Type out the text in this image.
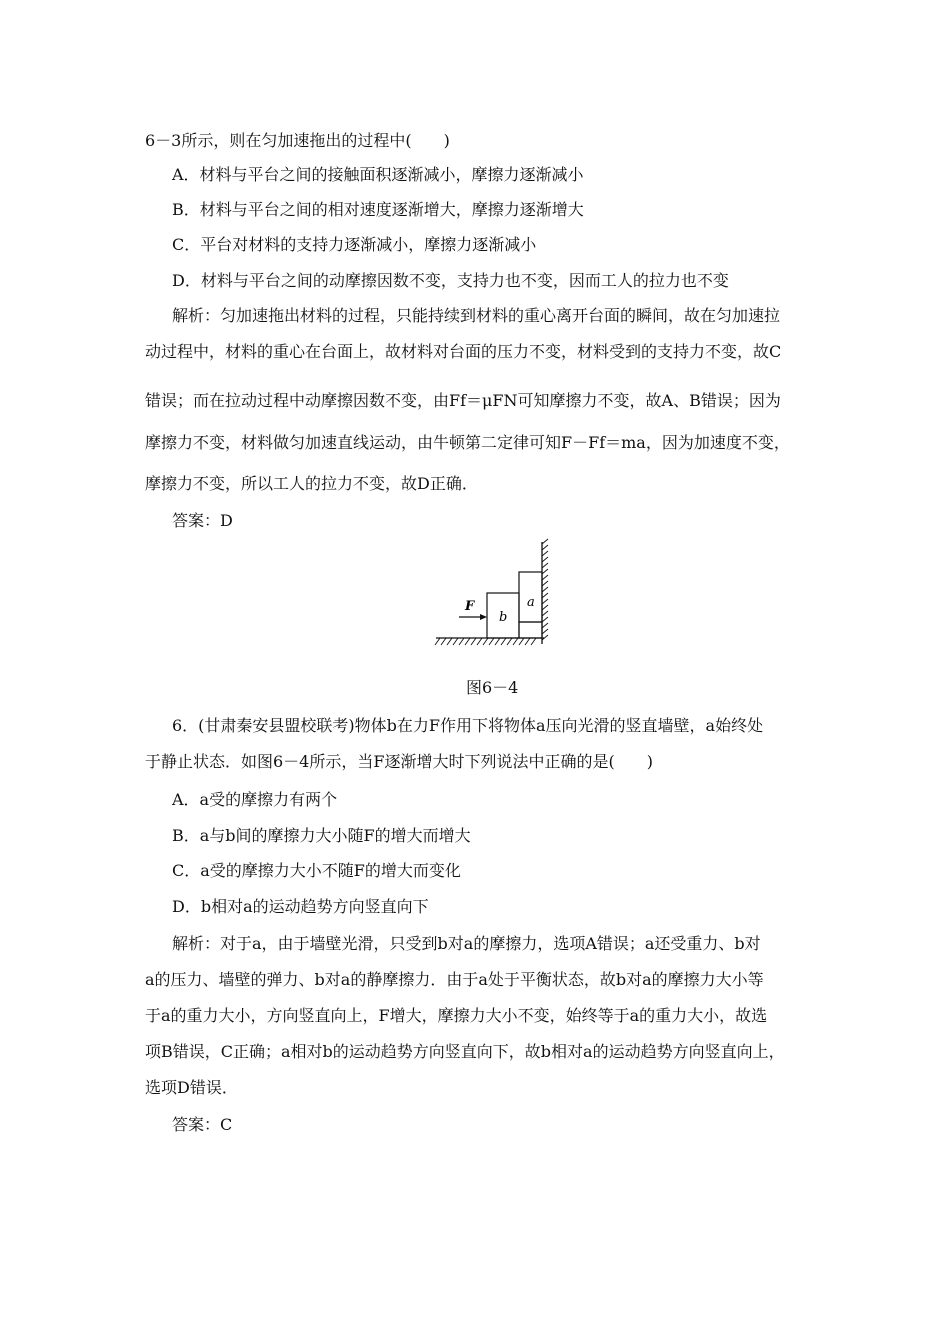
6－3所示，则在匀加速拖出的过程中(　　)
A．材料与平台之间的接触面积逐渐减小，摩擦力逐渐减小
B．材料与平台之间的相对速度逐渐增大，摩擦力逐渐增大
C．平台对材料的支持力逐渐减小，摩擦力逐渐减小
D．材料与平台之间的动摩擦因数不变，支持力也不变，因而工人的拉力也不变
解析：匀加速拖出材料的过程，只能持续到材料的重心离开台面的瞬间，故在匀加速拉
动过程中，材料的重心在台面上，故材料对台面的压力不变，材料受到的支持力不变，故C
错误；而在拉动过程中动摩擦因数不变，由Ff＝μFN可知摩擦力不变，故A、B错误；因为
摩擦力不变，材料做匀加速直线运动，由牛顿第二定律可知F－Ff＝ma，因为加速度不变，
摩擦力不变，所以工人的拉力不变，故D正确．
答案：D
F
b
a
图6－4
6．(甘肃秦安县盟校联考)物体b在力F作用下将物体a压向光滑的竖直墙壁，a始终处
于静止状态．如图6－4所示，当F逐渐增大时下列说法中正确的是(　　)
A．a受的摩擦力有两个
B．a与b间的摩擦力大小随F的增大而增大
C．a受的摩擦力大小不随F的增大而变化
D．b相对a的运动趋势方向竖直向下
解析：对于a，由于墙壁光滑，只受到b对a的摩擦力，选项A错误；a还受重力、b对
a的压力、墙壁的弹力、b对a的静摩擦力．由于a处于平衡状态，故b对a的摩擦力大小等
于a的重力大小，方向竖直向上，F增大，摩擦力大小不变，始终等于a的重力大小，故选
项B错误，C正确；a相对b的运动趋势方向竖直向下，故b相对a的运动趋势方向竖直向上，
选项D错误．
答案：C
